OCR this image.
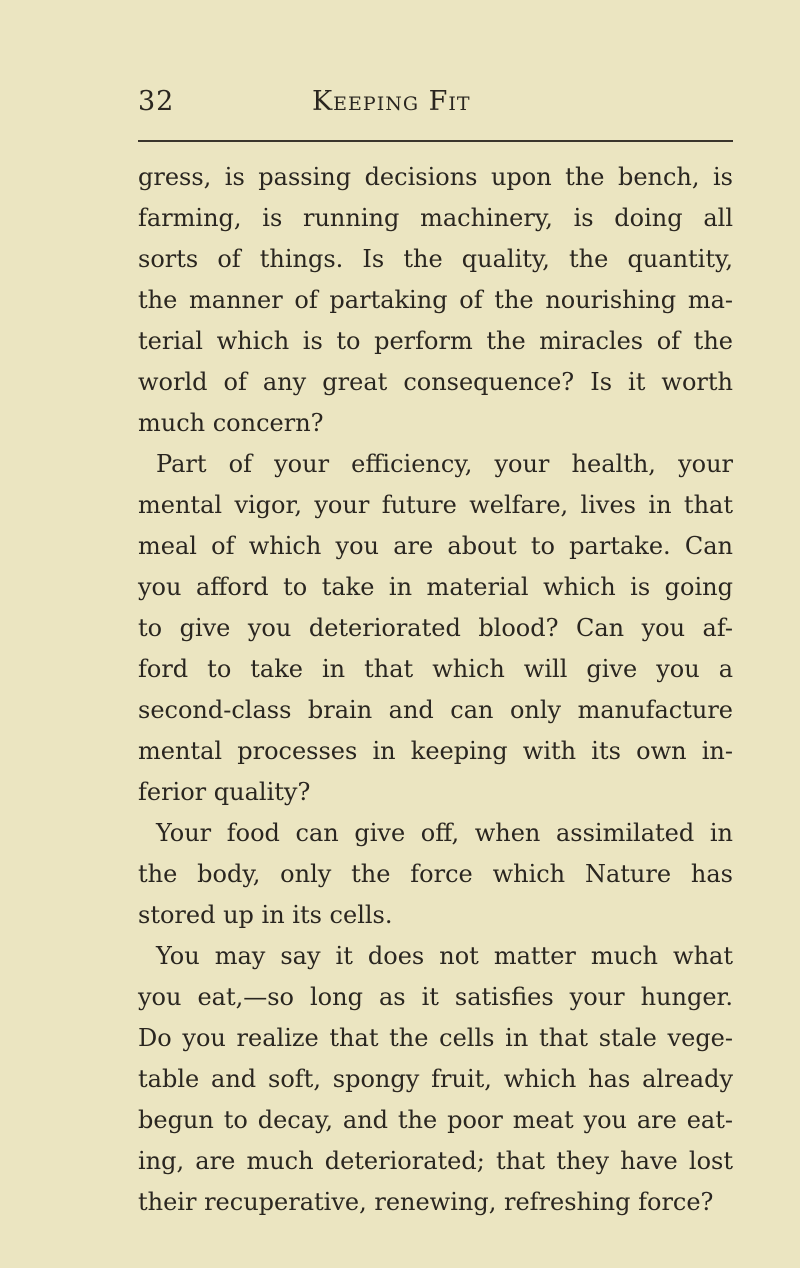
32	Keeping Fit
gress, is passing decisions upon the bench, is
farming, is running machinery, is doing all
sorts of things. Is the quality, the quantity,
the manner of partaking of the nourishing ma-
terial which is to perform the miracles of the
world of any great consequence? Is it worth
much concern?
Part of your efficiency, your health, your
mental vigor, your future welfare, lives in that
meal of which you are about to partake. Can
you afford to take in material which is going
to give you deteriorated blood? Can you af-
ford to take in that which will give you a
second-class brain and can only manufacture
mental processes in keeping with its own in-
ferior quality?
Your food can give off, when assimilated in
the body, only the force which Nature has
stored up in its cells.
You may say it does not matter much what
you eat,—so long as it satisfies your hunger.
Do you realize that the cells in that stale vege-
table and soft, spongy fruit, which has already
begun to decay, and the poor meat you are eat-
ing, are much deteriorated; that they have lost
their recuperative, renewing, refreshing force?
